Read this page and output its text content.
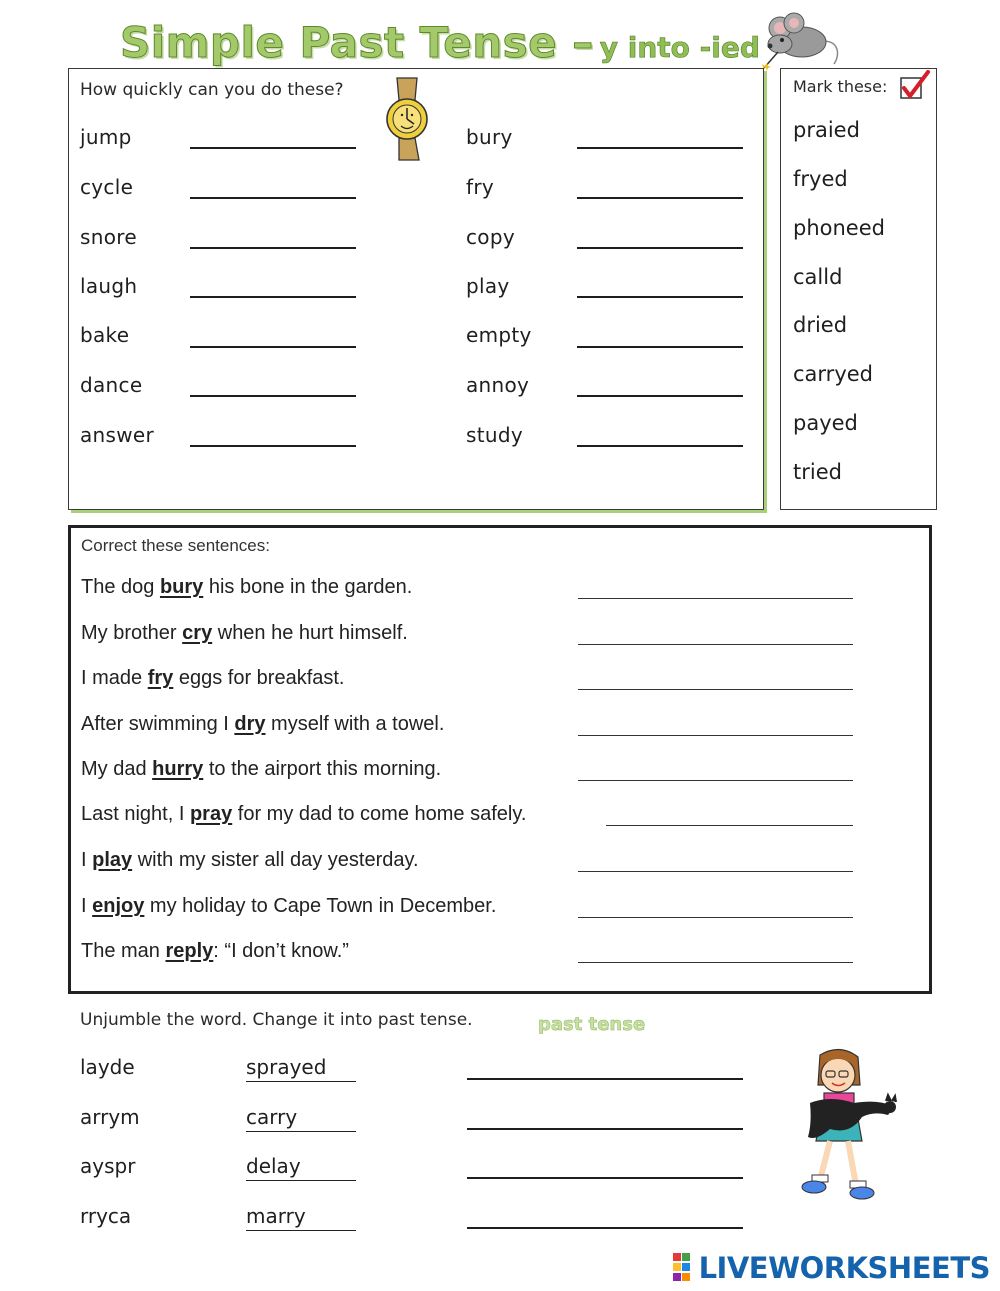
Simple Past Tense – y into -ied
How quickly can you do these?
jump
cycle
snore
laugh
bake
dance
answer
bury
fry
copy
play
empty
annoy
study
Mark these:
praied
fryed
phoneed
calld
dried
carryed
payed
tried
Correct these sentences:
The dog bury his bone in the garden.
My brother cry when he hurt himself.
I made fry eggs for breakfast.
After swimming I dry myself with a towel.
My dad hurry to the airport this morning.
Last night, I pray for my dad to come home safely.
I play with my sister all day yesterday.
I enjoy my holiday to Cape Town in December.
The man reply: “I don’t know.”
Unjumble the word. Change it into past tense.	past tense
layde	sprayed
arrym	carry
ayspr	delay
rryca	marry
LIVEWORKSHEETS
